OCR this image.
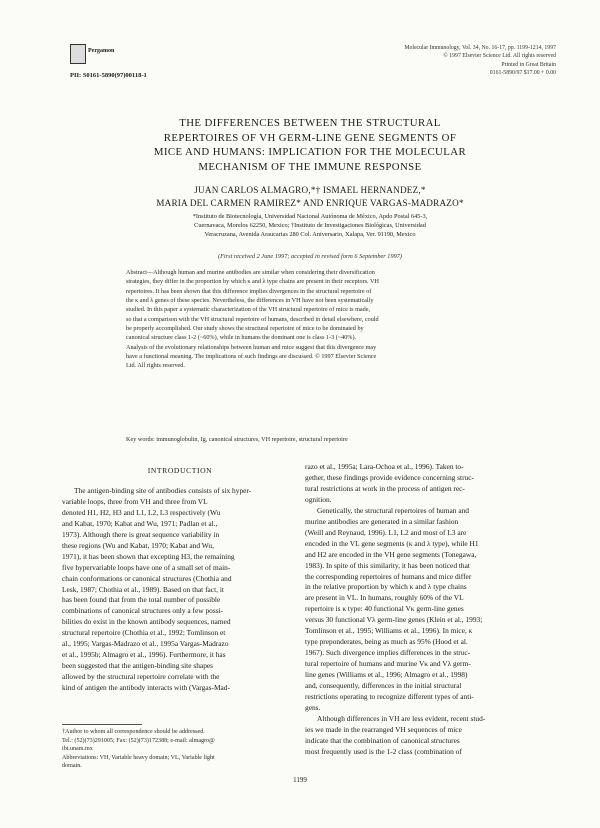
Pergamon
PII: S0161-5890(97)00118-1
Molecular Immunology, Vol. 34, No. 16-17, pp. 1199-1214, 1997
© 1997 Elsevier Science Ltd. All rights reserved
Printed in Great Britain
0161-5890/97 $17.00 + 0.00
THE DIFFERENCES BETWEEN THE STRUCTURAL
REPERTOIRES OF VH GERM-LINE GENE SEGMENTS OF
MICE AND HUMANS: IMPLICATION FOR THE MOLECULAR
MECHANISM OF THE IMMUNE RESPONSE
JUAN CARLOS ALMAGRO,*† ISMAEL HERNANDEZ,*
MARIA DEL CARMEN RAMIREZ* AND ENRIQUE VARGAS-MADRAZO*
*Instituto de Biotecnología, Universidad Nacional Autónoma de México, Apdo Postal 645-3,
Cuernavaca, Morelos 62250, Mexico; †Instituto de Investigaciones Biológicas, Universidad
Veracruzana, Avenida Araucarias 280 Col. Aniversario, Xalapa, Ver. 91190, Mexico
(First received 2 June 1997; accepted in revised form 6 September 1997)
Abstract—Although human and murine antibodies are similar when considering their diversification
strategies, they differ in the proportion by which κ and λ type chains are present in their receptors. VH
repertoires. It has been shown that this difference implies divergences in the structural repertoire of
the κ and λ genes of these species. Nevertheless, the differences in VH have not been systematically
studied. In this paper a systematic characterization of the VH structural repertoire of mice is made,
so that a comparison with the VH structural repertoire of humans, described in detail elsewhere, could
be properly accomplished. Our study shows the structural repertoire of mice to be dominated by
canonical structure class 1-2 (~60%), while in humans the dominant one is class 1-3 (~40%).
Analysis of the evolutionary relationships between human and mice suggest that this divergence may
have a functional meaning. The implications of such findings are discussed. © 1997 Elsevier Science
Ltd. All rights reserved.
Key words: immunoglobulin, Ig, canonical structures, VH repertoire, structural repertoire
INTRODUCTION
The antigen-binding site of antibodies consists of six hyper-
variable loops, three from VH and three from VL
denoted H1, H2, H3 and L1, L2, L3 respectively (Wu
and Kabat, 1970; Kabat and Wu, 1971; Padlan et al.,
1973). Although there is great sequence variability in
these regions (Wu and Kabat, 1970; Kabat and Wu,
1971), it has been shown that excepting H3, the remaining
five hypervariable loops have one of a small set of main-
chain conformations or canonical structures (Chothia and
Lesk, 1987; Chothia et al., 1989). Based on that fact, it
has been found that from the total number of possible
combinations of canonical structures only a few possi-
bilities do exist in the known antibody sequences, named
structural repertoire (Chothia et al., 1992; Tomlinson et
al., 1995; Vargas-Madrazo et al., 1995a Vargas-Madrazo
et al., 1995b; Almagro et al., 1996). Furthermore, it has
been suggested that the antigen-binding site shapes
allowed by the structural repertoire correlate with the
kind of antigen the antibody interacts with (Vargas-Mad-
razo et al., 1995a; Lara-Ochoa et al., 1996). Taken to-
gether, these findings provide evidence concerning struc-
tural restrictions at work in the process of antigen rec-
ognition.
Genetically, the structural repertoires of human and
murine antibodies are generated in a similar fashion
(Weill and Reynaud, 1996). L1, L2 and most of L3 are
encoded in the VL gene segments (κ and λ type), while H1
and H2 are encoded in the VH gene segments (Tonegawa,
1983). In spite of this similarity, it has been noticed that
the corresponding repertoires of humans and mice differ
in the relative proportion by which κ and λ type chains
are present in VL. In humans, roughly 60% of the VL
repertoire is κ type: 40 functional Vκ germ-line genes
versus 30 functional Vλ germ-line genes (Klein et al., 1993;
Tomlinson et al., 1995; Williams et al., 1996). In mice, κ
type preponderates, being as much as 95% (Hood et al.
1967). Such divergence implies differences in the struc-
tural repertoire of humans and murine Vκ and Vλ germ-
line genes (Williams et al., 1996; Almagro et al., 1998)
and, consequently, differences in the initial structural
restrictions operating to recognize different types of anti-
gens.
Although differences in VH are less evident, recent stud-
ies we made in the rearranged VH sequences of mice
indicate that the combination of canonical structures
most frequently used is the 1-2 class (combination of
†Author to whom all correspondence should be addressed.
Tel.: (52)(73)291005; Fax: (52)(73)172388; e-mail: almagro@
ibt.unam.mx
Abbreviations: VH, Variable heavy domain; VL, Variable light
domain.
1199
